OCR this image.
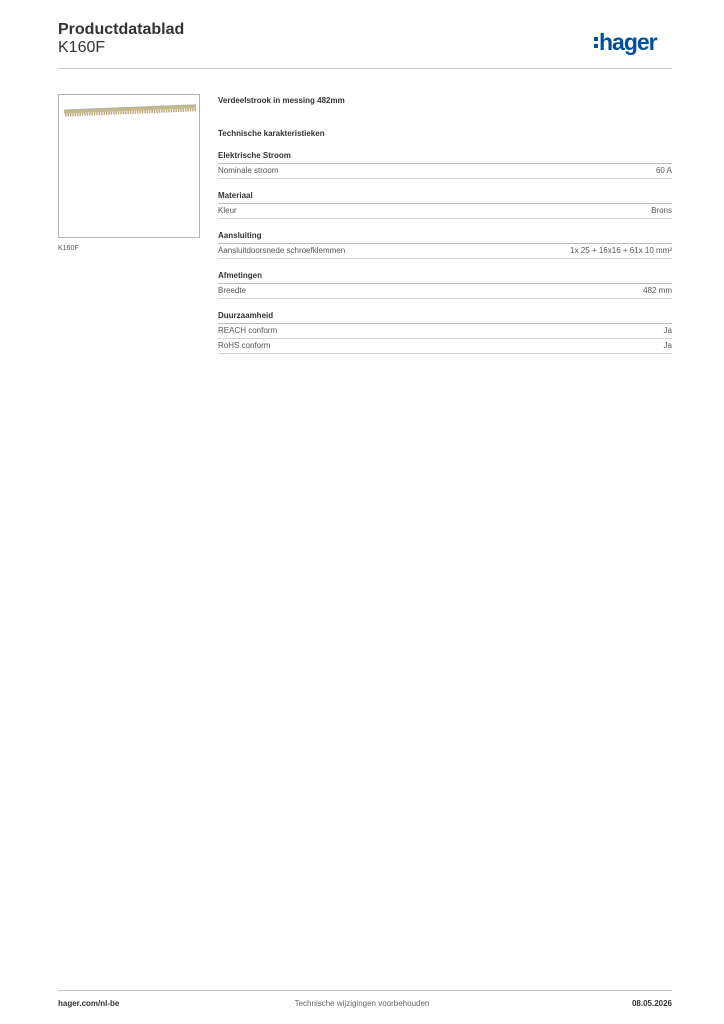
Productdatablad
K160F	hager
K160F
Verdeelstrook in messing 482mm
Technische karakteristieken
Elektrische Stroom
Nominale stroom	60 A
Materiaal
Kleur	Brons
Aansluiting
Aansluitdoorsnede schroefklemmen	1x 25 + 16x16 + 61x 10 mm²
Afmetingen
Breedte	482 mm
Duurzaamheid
REACH conform	Ja
RoHS conform	Ja
hager.com/nl-be	Technische wijzigingen voorbehouden	08.05.2026
